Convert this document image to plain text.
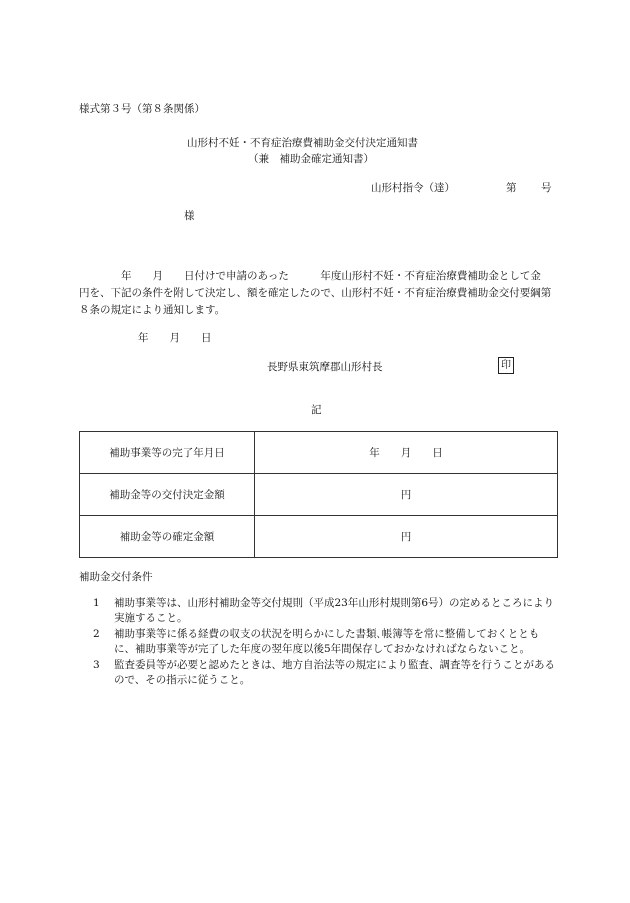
様式第３号（第８条関係）
山形村不妊・不育症治療費補助金交付決定通知書
（兼　補助金確定通知書）
山形村指令（達）	第 号
様
　　　　年　　月　　日付けで申請のあった　　　年度山形村不妊・不育症治療費補助金として金　　　　　　円を、下記の条件を附して決定し、額を確定したので、山形村不妊・不育症治療費補助金交付要綱第８条の規定により通知します。
年　　月　　日
長野県東筑摩郡山形村長	印
記
補助事業等の完了年月日	年　　月　　日
補助金等の交付決定金額	円
補助金等の確定金額	円
補助金交付条件
1 補助事業等は、山形村補助金等交付規則（平成23年山形村規則第6号）の定めるところにより実施すること。
2 補助事業等に係る経費の収支の状況を明らかにした書類､帳簿等を常に整備しておくとともに、補助事業等が完了した年度の翌年度以後5年間保存しておかなければならないこと。
3 監査委員等が必要と認めたときは、地方自治法等の規定により監査、調査等を行うことがあるので、その指示に従うこと。
